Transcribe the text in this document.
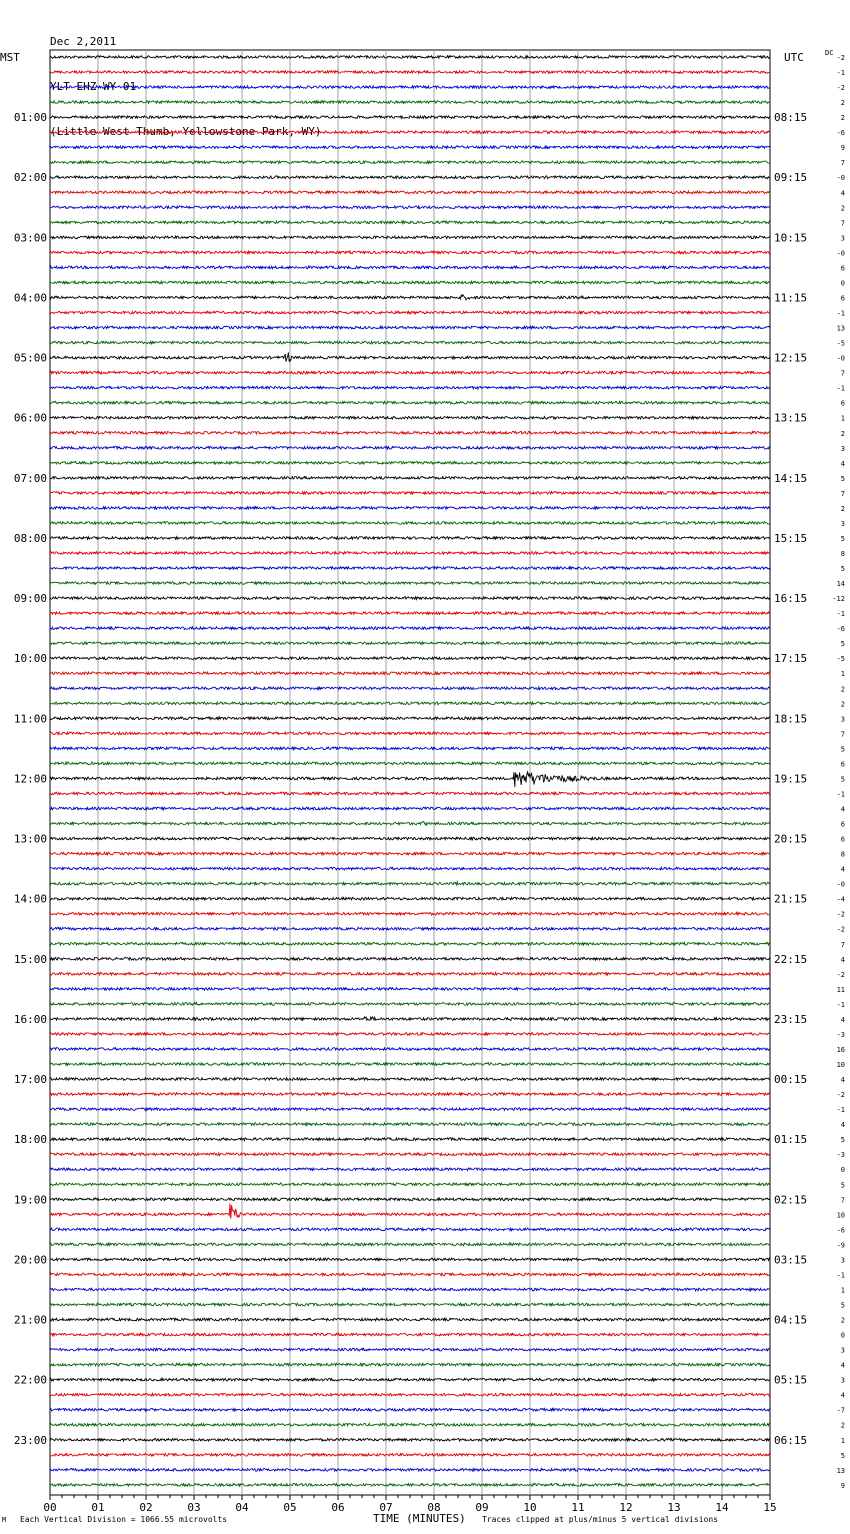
Dec 2,2011

YLT EHZ WY 01

(Little West Thumb, Yellowstone Park, WY)

MST	UTC	DC
00	01	02	03	04	05	06	07	08	09	10	11	12	13	14	15
-2
-1
-2
2
2
-6
9
7
-0
4
2
7
3
-0
6
0
6
-1
13
-5
-0
7
-1
6
1
2
3
4
5
7
2
3
5
8
5
14
-12
-1
-6
5
-5
1
2
2
3
7
5
6
5
-1
4
6
6
8
4
-0
-4
-2
-2
7
4
-2
11
-1
4
-3
16
10
4
-2
-1
4
5
-3
0
5
7
10
-6
-9
3
-1
1
5
2
0
3
4
3
4
-7
2
1
5
13
9
01:00	08:15
02:00	09:15
03:00	10:15
04:00	11:15
05:00	12:15
06:00	13:15
07:00	14:15
08:00	15:15
09:00	16:15
10:00	17:15
11:00	18:15
12:00	19:15
13:00	20:15
14:00	21:15
15:00	22:15
16:00	23:15
17:00	00:15
18:00	01:15
19:00	02:15
20:00	03:15
21:00	04:15
22:00	05:15
23:00	06:15
M Each Vertical Division = 1066.55 microvolts	TIME (MINUTES) Traces clipped at plus/minus 5 vertical divisions
